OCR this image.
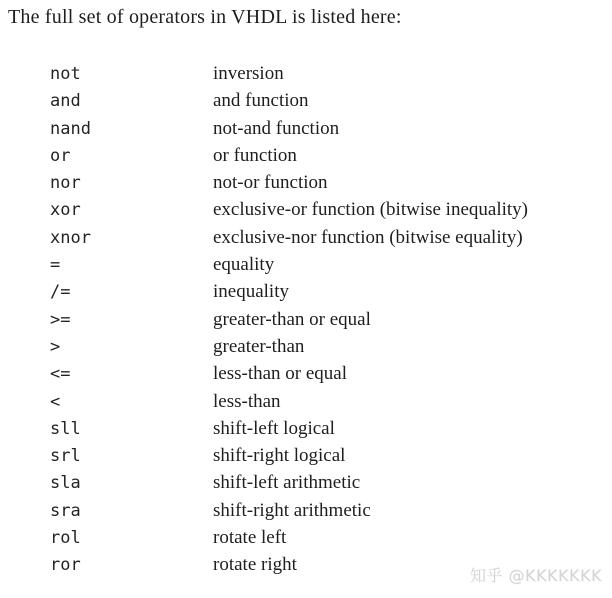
The full set of operators in VHDL is listed here:
not	inversion
and	and function
nand	not-and function
or	or function
nor	not-or function
xor	exclusive-or function (bitwise inequality)
xnor	exclusive-nor function (bitwise equality)
=	equality
/=	inequality
>=	greater-than or equal
>	greater-than
<=	less-than or equal
<	less-than
sll	shift-left logical
srl	shift-right logical
sla	shift-left arithmetic
sra	shift-right arithmetic
rol	rotate left
ror	rotate right
知乎 @KKKKKKK
